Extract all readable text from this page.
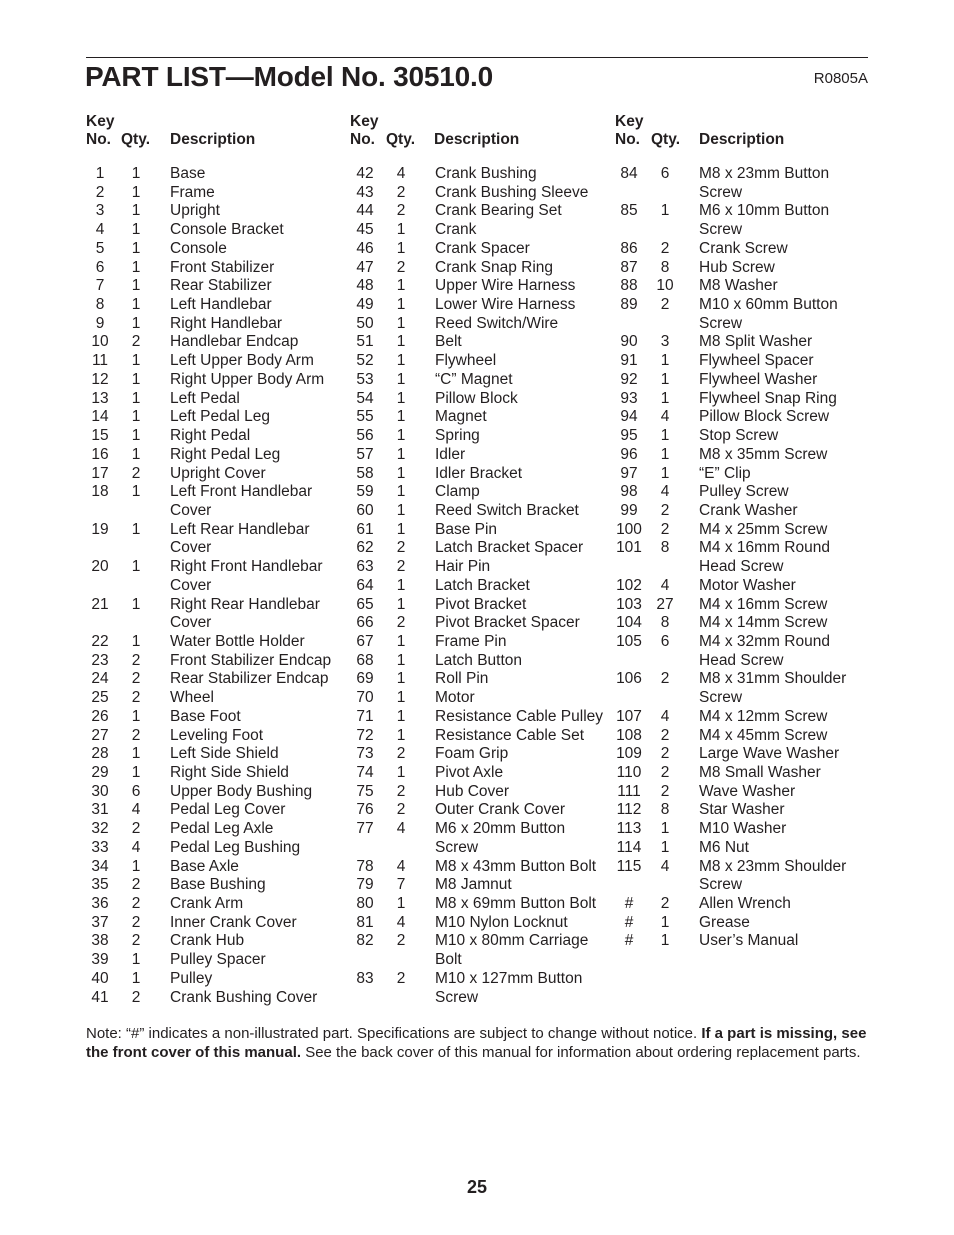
PART LIST—Model No. 30510.0	R0805A
Key
No. Qty. Description
Key
No. Qty. Description
Key
No. Qty. Description
1	1	Base
2	1	Frame
3	1	Upright
4	1	Console Bracket
5	1	Console
6	1	Front Stabilizer
7	1	Rear Stabilizer
8	1	Left Handlebar
9	1	Right Handlebar
10	2	Handlebar Endcap
11	1	Left Upper Body Arm
12	1	Right Upper Body Arm
13	1	Left Pedal
14	1	Left Pedal Leg
15	1	Right Pedal
16	1	Right Pedal Leg
17	2	Upright Cover
18	1	Left Front Handlebar
Cover
19	1	Left Rear Handlebar
Cover
20	1	Right Front Handlebar
Cover
21	1	Right Rear Handlebar
Cover
22	1	Water Bottle Holder
23	2	Front Stabilizer Endcap
24	2	Rear Stabilizer Endcap
25	2	Wheel
26	1	Base Foot
27	2	Leveling Foot
28	1	Left Side Shield
29	1	Right Side Shield
30	6	Upper Body Bushing
31	4	Pedal Leg Cover
32	2	Pedal Leg Axle
33	4	Pedal Leg Bushing
34	1	Base Axle
35	2	Base Bushing
36	2	Crank Arm
37	2	Inner Crank Cover
38	2	Crank Hub
39	1	Pulley Spacer
40	1	Pulley
41	2	Crank Bushing Cover
42	4	Crank Bushing
43	2	Crank Bushing Sleeve
44	2	Crank Bearing Set
45	1	Crank
46	1	Crank Spacer
47	2	Crank Snap Ring
48	1	Upper Wire Harness
49	1	Lower Wire Harness
50	1	Reed Switch/Wire
51	1	Belt
52	1	Flywheel
53	1	“C” Magnet
54	1	Pillow Block
55	1	Magnet
56	1	Spring
57	1	Idler
58	1	Idler Bracket
59	1	Clamp
60	1	Reed Switch Bracket
61	1	Base Pin
62	2	Latch Bracket Spacer
63	2	Hair Pin
64	1	Latch Bracket
65	1	Pivot Bracket
66	2	Pivot Bracket Spacer
67	1	Frame Pin
68	1	Latch Button
69	1	Roll Pin
70	1	Motor
71	1	Resistance Cable Pulley
72	1	Resistance Cable Set
73	2	Foam Grip
74	1	Pivot Axle
75	2	Hub Cover
76	2	Outer Crank Cover
77	4	M6 x 20mm Button
Screw
78	4	M8 x 43mm Button Bolt
79	7	M8 Jamnut
80	1	M8 x 69mm Button Bolt
81	4	M10 Nylon Locknut
82	2	M10 x 80mm Carriage
Bolt
83	2	M10 x 127mm Button
Screw
84	6	M8 x 23mm Button
Screw
85	1	M6 x 10mm Button
Screw
86	2	Crank Screw
87	8	Hub Screw
88	10 M8 Washer
89	2	M10 x 60mm Button
Screw
90	3	M8 Split Washer
91	1	Flywheel Spacer
92	1	Flywheel Washer
93	1	Flywheel Snap Ring
94	4	Pillow Block Screw
95	1	Stop Screw
96	1	M8 x 35mm Screw
97	1	“E” Clip
98	4	Pulley Screw
99	2	Crank Washer
100	2	M4 x 25mm Screw
101	8	M4 x 16mm Round
Head Screw
102	4	Motor Washer
103 27 M4 x 16mm Screw
104	8	M4 x 14mm Screw
105	6	M4 x 32mm Round
Head Screw
106	2	M8 x 31mm Shoulder
Screw
107	4	M4 x 12mm Screw
108	2	M4 x 45mm Screw
109	2	Large Wave Washer
110	2	M8 Small Washer
111	2	Wave Washer
112	8	Star Washer
113	1	M10 Washer
114	1	M6 Nut
115	4	M8 x 23mm Shoulder
Screw
#	2	Allen Wrench
#	1	Grease
#	1	User’s Manual

Note: “#” indicates a non-illustrated part. Specifications are subject to change without notice. If a part is missing, see the front cover of this manual. See the back cover of this manual for information about ordering replacement parts.

25
